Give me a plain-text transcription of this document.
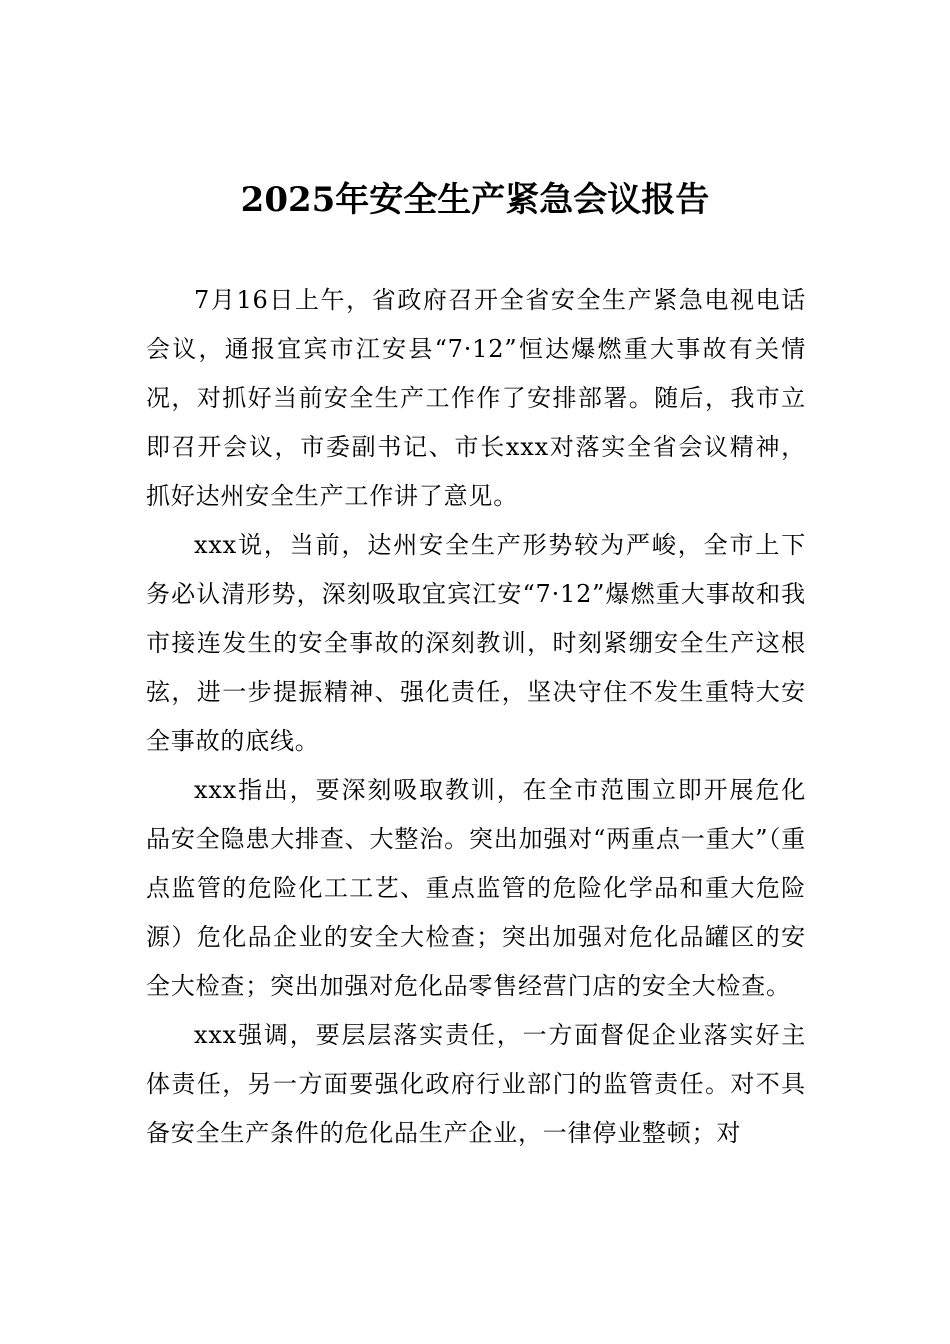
2025年安全生产紧急会议报告

7月16日上午，省政府召开全省安全生产紧急电视电话会议，通报宜宾市江安县“7·12”恒达爆燃重大事故有关情况，对抓好当前安全生产工作作了安排部署。随后，我市立即召开会议，市委副书记、市长xxx对落实全省会议精神，抓好达州安全生产工作讲了意见。

xxx说，当前，达州安全生产形势较为严峻，全市上下务必认清形势，深刻吸取宜宾江安“7·12”爆燃重大事故和我市接连发生的安全事故的深刻教训，时刻紧绷安全生产这根弦，进一步提振精神、强化责任，坚决守住不发生重特大安全事故的底线。

xxx指出，要深刻吸取教训，在全市范围立即开展危化品安全隐患大排查、大整治。突出加强对“两重点一重大”（重点监管的危险化工工艺、重点监管的危险化学品和重大危险源）危化品企业的安全大检查；突出加强对危化品罐区的安全大检查；突出加强对危化品零售经营门店的安全大检查。

xxx强调，要层层落实责任，一方面督促企业落实好主体责任，另一方面要强化政府行业部门的监管责任。对不具备安全生产条件的危化品生产企业，一律停业整顿；对
